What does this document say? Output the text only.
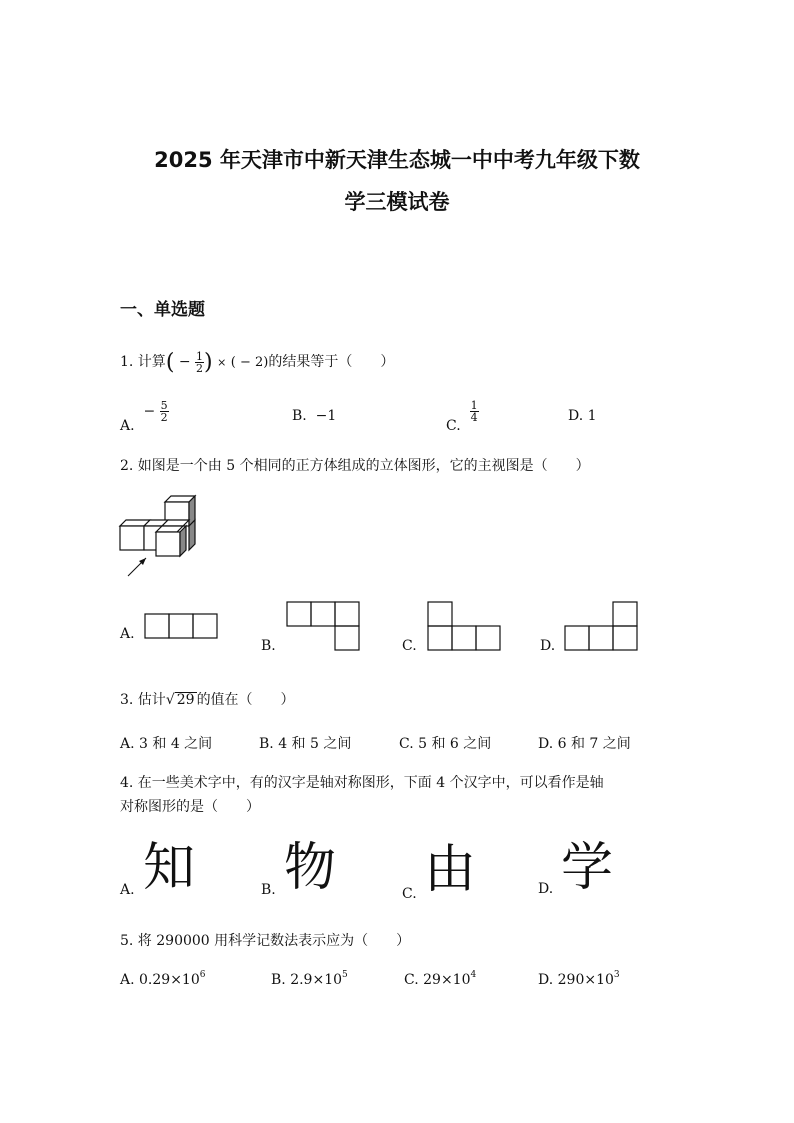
2025 年天津市中新天津生态城一中中考九年级下数
学三模试卷
一、单选题
1. 计算( − $\frac{1}{2}$ ) × ( − 2)的结果等于（　　）
A.  − $\frac{5}{2}$	B. −1
C.
$\frac{1}{4}$	D. 1
2. 如图是一个由 5 个相同的正方体组成的立体图形，它的主视图是（　　）
A.
B.	C.	D.
3. 估计√ 29 的值在（　　）
A. 3 和 4 之间	B. 4 和 5 之间	C. 5 和 6 之间	D. 6 和 7 之间
4. 在一些美术字中，有的汉字是轴对称图形，下面 4 个汉字中，可以看作是轴
对称图形的是（　　）
A. 知	B. 物	C. 由	D. 学
5. 将 290000 用科学记数法表示应为（　　）
A. $0.29\times 10^6$	B. $2.9\times 10^5$	C. $29\times 10^4$	D. $290\times 10^3$
